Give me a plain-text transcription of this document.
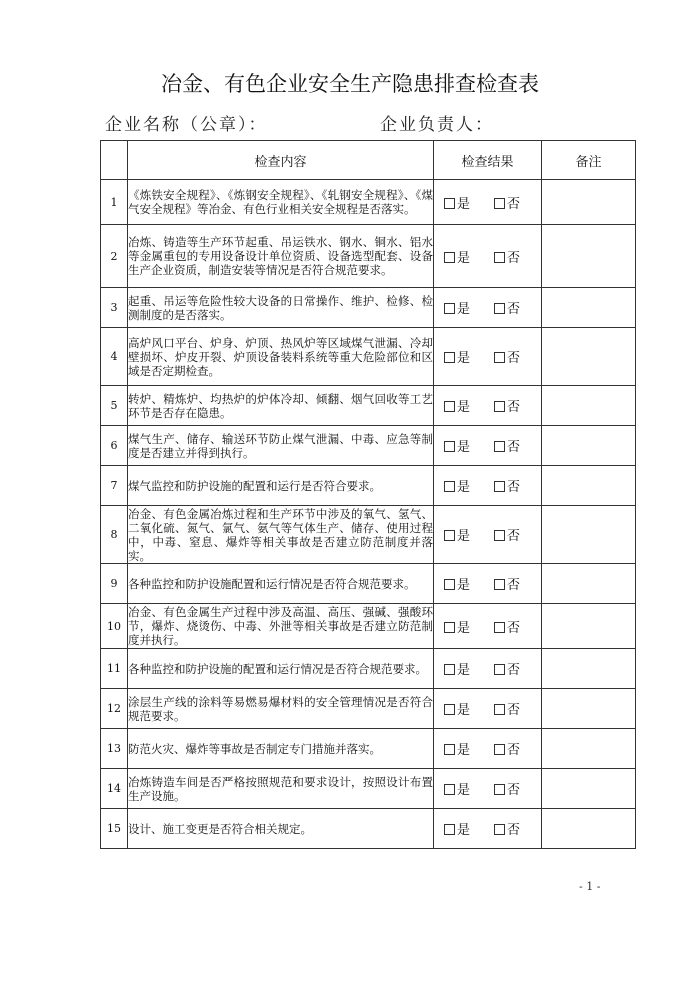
冶金、有色企业安全生产隐患排查检查表
企业名称（公章）：	企业负责人：
	检查内容	检查结果	备注
1	《炼铁安全规程》、《炼钢安全规程》、《轧钢安全规程》、《煤气安全规程》等冶金、有色行业相关安全规程是否落实。	是 否	
2	冶炼、铸造等生产环节起重、吊运铁水、钢水、铜水、铝水等金属重包的专用设备设计单位资质、设备选型配套、设备生产企业资质，制造安装等情况是否符合规范要求。	是 否	
3	起重、吊运等危险性较大设备的日常操作、维护、检修、检测制度的是否落实。	是 否	
4	高炉风口平台、炉身、炉顶、热风炉等区域煤气泄漏、冷却壁损坏、炉皮开裂、炉顶设备装料系统等重大危险部位和区域是否定期检查。	是 否	
5	转炉、精炼炉、均热炉的炉体冷却、倾翻、烟气回收等工艺环节是否存在隐患。	是 否	
6	煤气生产、储存、输送环节防止煤气泄漏、中毒、应急等制度是否建立并得到执行。	是 否	
7	煤气监控和防护设施的配置和运行是否符合要求。	是 否	
8	冶金、有色金属冶炼过程和生产环节中涉及的氧气、氢气、二氧化硫、氮气、氯气、氨气等气体生产、储存、使用过程中，中毒、窒息、爆炸等相关事故是否建立防范制度并落实。	是 否	
9	各种监控和防护设施配置和运行情况是否符合规范要求。	是 否	
10	冶金、有色金属生产过程中涉及高温、高压、强碱、强酸环节，爆炸、烧烫伤、中毒、外泄等相关事故是否建立防范制度并执行。	是 否	
11	各种监控和防护设施的配置和运行情况是否符合规范要求。	是 否	
12	涂层生产线的涂料等易燃易爆材料的安全管理情况是否符合规范要求。	是 否	
13	防范火灾、爆炸等事故是否制定专门措施并落实。	是 否	
14	冶炼铸造车间是否严格按照规范和要求设计，按照设计布置生产设施。	是 否	
15	设计、施工变更是否符合相关规定。	是 否	
- 1 -
